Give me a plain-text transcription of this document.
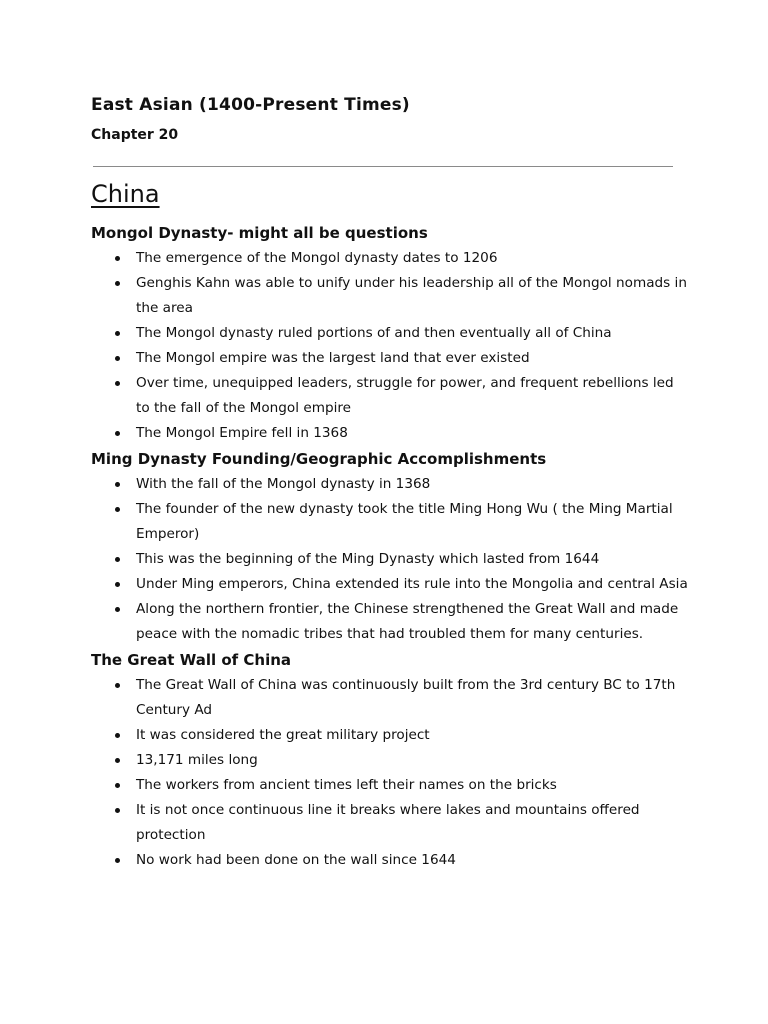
East Asian (1400-Present Times)
Chapter 20
China
Mongol Dynasty- might all be questions
The emergence of the Mongol dynasty dates to 1206
Genghis Kahn was able to unify under his leadership all of the Mongol nomads in the area
The Mongol dynasty ruled portions of and then eventually all of China
The Mongol empire was the largest land that ever existed
Over time, unequipped leaders, struggle for power, and frequent rebellions led to the fall of the Mongol empire
The Mongol Empire fell in 1368
Ming Dynasty Founding/Geographic Accomplishments
With the fall of the Mongol dynasty in 1368
The founder of the new dynasty took the title Ming Hong Wu ( the Ming Martial Emperor)
This was the beginning of the Ming Dynasty which lasted from 1644
Under Ming emperors, China extended its rule into the Mongolia and central Asia
Along the northern frontier, the Chinese strengthened the Great Wall and made peace with the nomadic tribes that had troubled them for many centuries.
The Great Wall of China
The Great Wall of China was continuously built from the 3rd century BC to 17th Century Ad
It was considered the great military project
13,171 miles long
The workers from ancient times left their names on the bricks
It is not once continuous line it breaks where lakes and mountains offered protection
No work had been done on the wall since 1644
